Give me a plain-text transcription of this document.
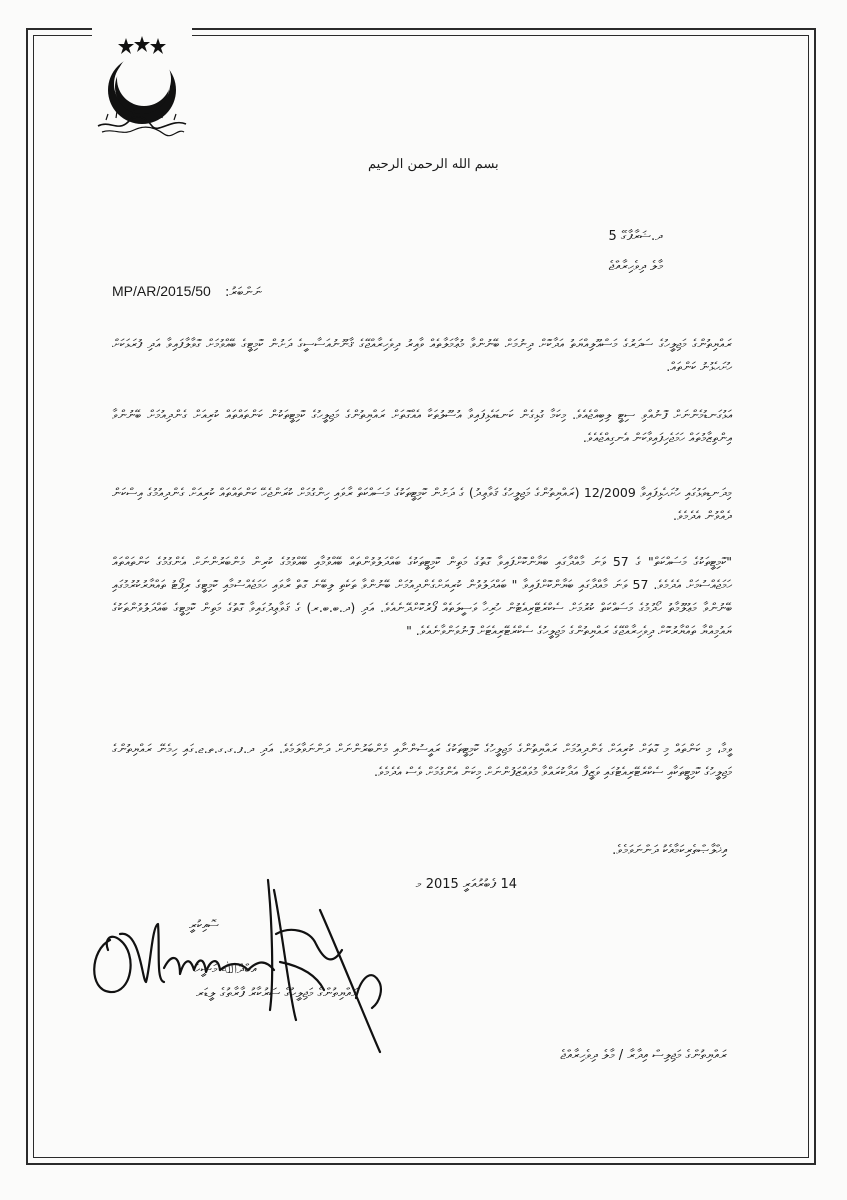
بسم الله الرحمن الرحيم
ދ.ޝަރާފާގޭ 5
މާލެ ދިވެހިރާއްޖެ
MP/AR/2015/50 ނަންބަރު:
ރައްޔިތުންގެ މަޖިލީހުގެ ސަދަރުގެ މަސްއޫލިއްޔަތު އަދާކޮށް ދިނުމަށް ބޭނުންވާ މުޢާމަލާތެއް ވާއިރު ދިވެހިރާއްޖޭގެ ޤާނޫނުއަސާސީގެ ދަށުން ކޮމިޓީގެ ބޭއްވުމަށް ގޮވާލާފައިވާ އަދި ފުރަޅަކަށް ހުށަހެޅުނު ކަންތައް.
އަޅުގަނޑުމެންނަށް ފޮނުއްވި ސިޓީ ލިބިއްޖެއެވެ. މިކަމާ ގުޅިގެން ކަނޑައެޅިފައިވާ އުސޫލުތަކާ އެއްގޮތަށް ރައްޔިތުންގެ މަޖިލީހުގެ ކޮމިޓީތަކުން ކަންތައްތައް ކުރިއަށް ގެންދިއުމަށް ބޭނުންވާ އިންތިޒާމުތައް ހަމަޖެހިފައިވާކަން އެނގިއްޖެއެވެ.
މިދަނޑިވަޅުގައި ހުށަހެޅިފައިވާ 12/2009 (ރައްޔިތުންގެ މަޖިލީހުގެ ޤަވާޢިދު) ގެ ދަށުން ކޮމިޓީތަކުގެ މަސައްކަތް ރާވައި ހިންގުމަށް ކުރަންޖެހޭ ކަންތައްތައް ކުރިއަށް ގެންދިއުމުގެ އިސްކަން ދެއްވުން އެދެމެވެ.
"ކޮމިޓީތަކުގެ މަސައްކަތް" ގެ 57 ވަނަ މާއްދާގައި ބަޔާންކޮށްފައިވާ ގޮތުގެ މަތިން ކޮމިޓީތަކުގެ ބައްދަލުވުންތައް ބޭއްވުމާއި ބޭއްވުމުގެ ކުރިން މެންބަރުންނަށް އެންގުމުގެ ކަންތައްތައް ހަމަޖެއްސުމަށް އެދެމެވެ. 57 ވަނަ މާއްދާގައި ބަޔާންކޮށްފައިވާ " ބައްދަލުވުން ކުރިޔަށްގެންދިއުމަށް ބޭނުންވާ ތަކެތި ލިބޭނެ ގޮތް ރާވައި ހަމަޖެއްސުމާއި ކޮމިޓީގެ ރިޕޯޓު ތައްޔާރުކުރުމުގައި ބޭނުންވާ މަޢުލޫމާތު ހޯދުމުގެ މަސައްކަތް ކުރުމަށް ސެކްރެޓޭރިއެޓުން ހުރިހާ ވަސީލަތެއް ފޯރުކޮށްދޭނެއެވެ. އަދި (ދ.ބ.ބ.ރ) ގެ ޤަވާޢިދުގައިވާ ގޮތުގެ މަތިން ކޮމިޓީގެ ބައްދަލުވުންތަކުގެ ޔައުމިއްޔާ ތައްޔާރުކޮށް ދިވެހިރާއްޖޭގެ ރައްޔިތުންގެ މަޖިލީހުގެ ސެކްރެޓޭރިއެޓަށް ފޮނުވަންވާނެއެވެ. "
ވީމާ، މި ކަންތައް މި ގޮތަށް ކުރިއަށް ގެންދިއުމަށް ރައްޔިތުންގެ މަޖިލީހުގެ ކޮމިޓީތަކުގެ ރައީސުންނާއި މެންބަރުންނަށް ދަންނަވާލަމެވެ. އަދި ދ.ފ.ގ.ގ.ތ.ޖ.ގައި ހިމެނޭ ރައްޔިތުންގެ މަޖިލީހުގެ ކޮމިޓީތަކާއި ސެކްރެޓޭރިއެޓުގައި ވަޒީފާ އަދާކުރައްވާ މުވައްޒަފުންނަށް މިކަން އެންގުމަށް ވެސް އެދެމެވެ.
އިޚްލާޞްތެރިކަމާއެކު ދަންނަވަމެވެ.
14 ފެބުރުއަރީ 2015 މ
ސޮއިކުރީ
އަބްދުﷲ މަސީހް
ރައްޔިތުންގެ މަޖިލީހުގެ ސަރުކާރު ފާރާތުގެ ލީޑަރ
ރައްޔިތުންގެ މަޖިލިސް އިދާރާ / މާލެ ދިވެހިރާއްޖެ
